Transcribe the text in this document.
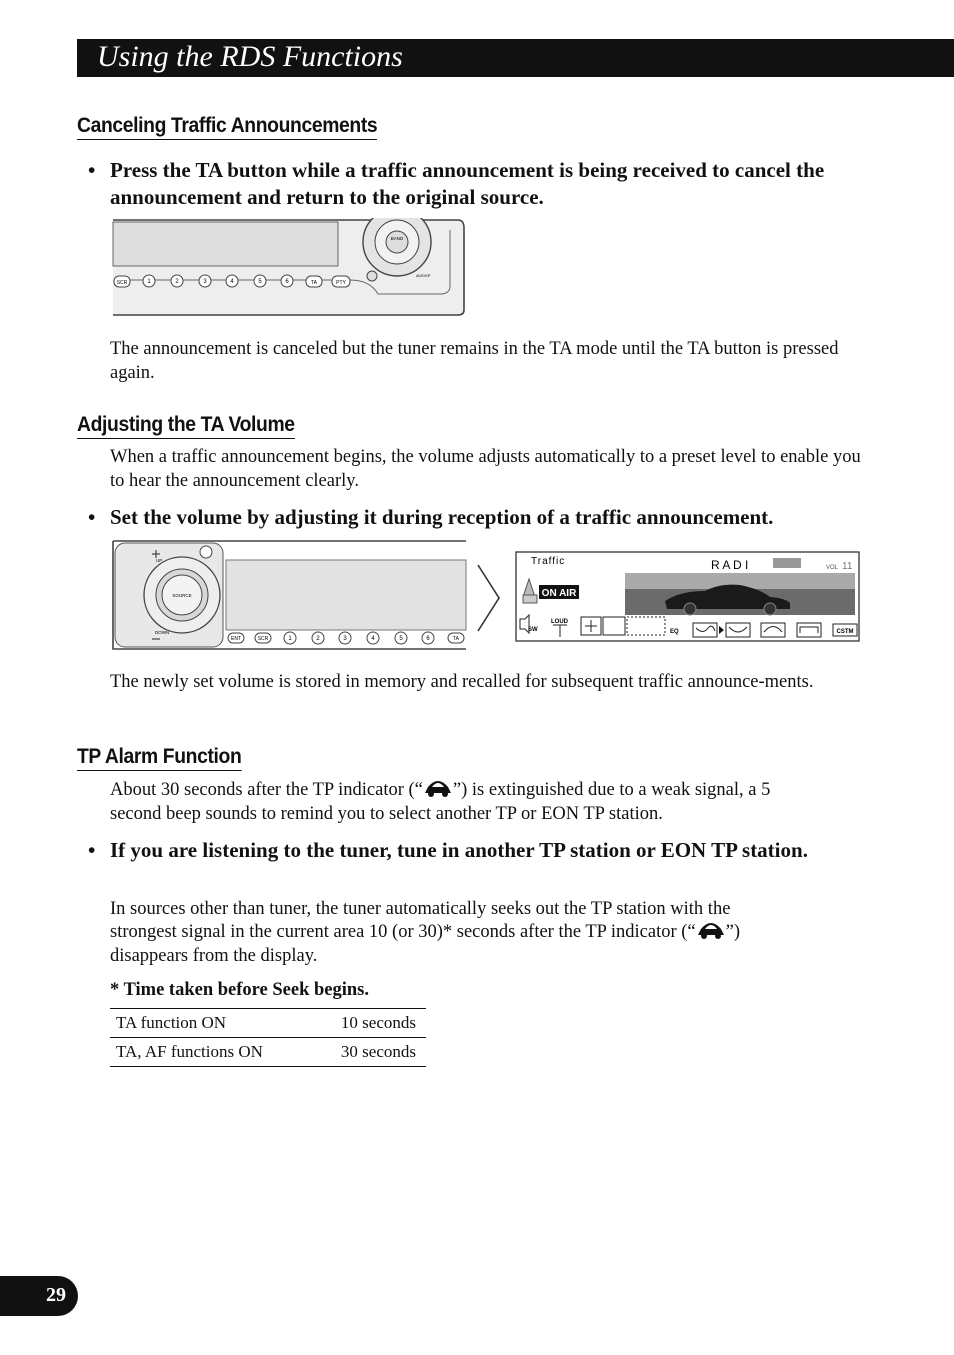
Using the RDS Functions
Canceling Traffic Announcements
• Press the TA button while a traffic announcement is being received to cancel the announcement and return to the original source.
BAND
AV/DSP
SCR	1	2	3	4	5	6	TA	PTY
The announcement is canceled but the tuner remains in the TA mode until the TA button is pressed again.
Adjusting the TA Volume
When a traffic announcement begins, the volume adjusts automatically to a preset level to enable you to hear the announcement clearly.
• Set the volume by adjusting it during reception of a traffic announcement.
SOURCE
UP
DOWN
ENT	SCR	1	2	3	4	5	6	TA
Traffic	R A D I	VOL 11
ON AIR
SW
LOUD
EQ	CSTM
The newly set volume is stored in memory and recalled for subsequent traffic announce-ments.
TP Alarm Function
About 30 seconds after the TP indicator (“ ”) is extinguished due to a weak signal, a 5
second beep sounds to remind you to select another TP or EON TP station.
• If you are listening to the tuner, tune in another TP station or EON TP station.
In sources other than tuner, the tuner automatically seeks out the TP station with the
strongest signal in the current area 10 (or 30)* seconds after the TP indicator (“ ”)
disappears from the display.
* Time taken before Seek begins.
TA function ON	10 seconds
TA, AF functions ON	30 seconds
29
